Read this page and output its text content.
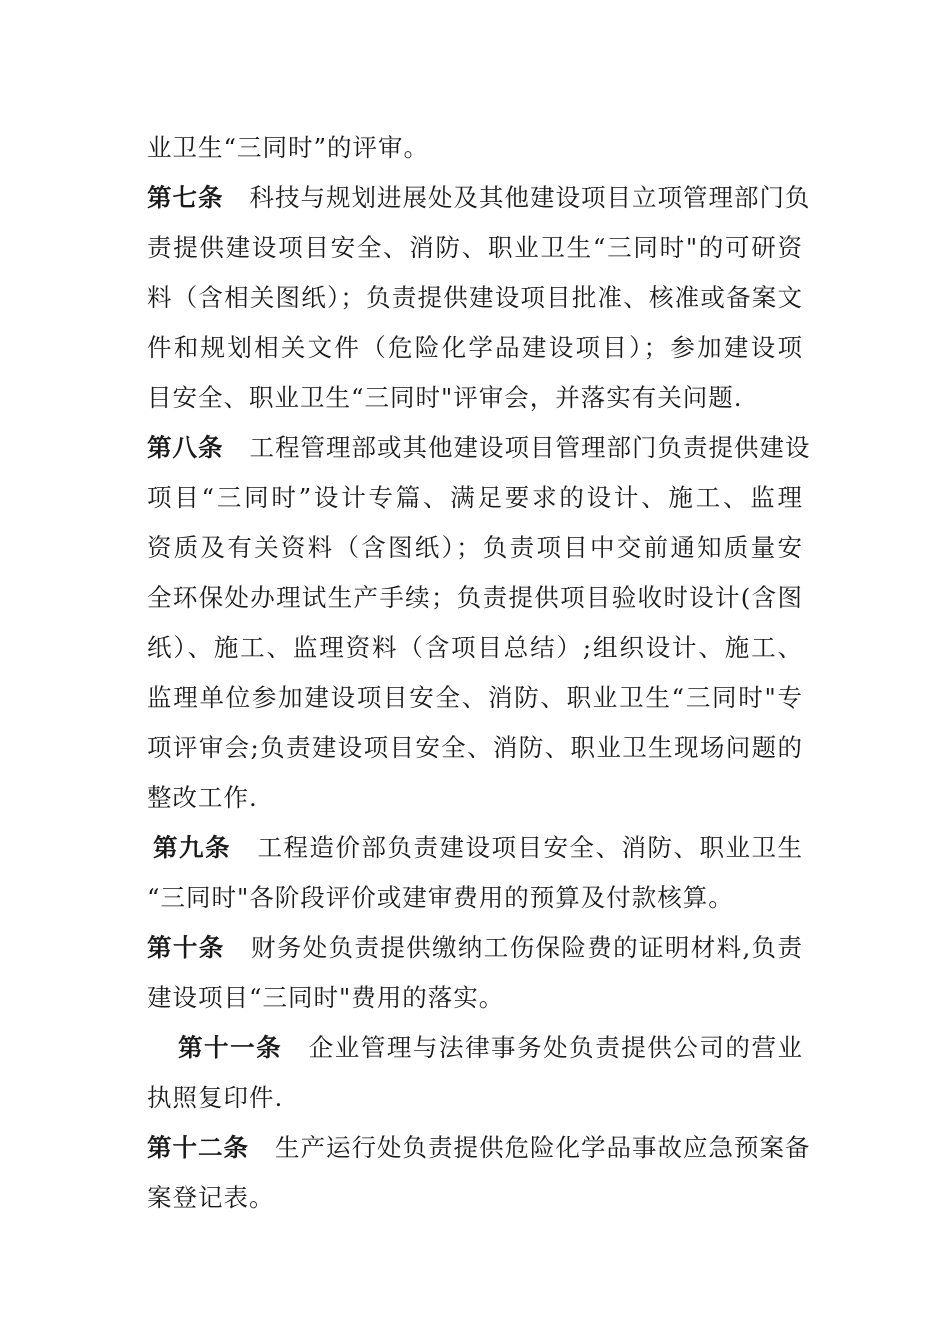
业卫生“三同时”的评审。
第七条 科技与规划进展处及其他建设项目立项管理部门负
责提供建设项目安全、消防、职业卫生“三同时"的可研资
料（含相关图纸）；负责提供建设项目批准、核准或备案文
件和规划相关文件（危险化学品建设项目）；参加建设项
目安全、职业卫生“三同时"评审会，并落实有关问题.
第八条 工程管理部或其他建设项目管理部门负责提供建设
项目“三同时”设计专篇、满足要求的设计、施工、监理
资质及有关资料（含图纸）；负责项目中交前通知质量安
全环保处办理试生产手续；负责提供项目验收时设计(含图
纸）、施工、监理资料（含项目总结）;组织设计、施工、
监理单位参加建设项目安全、消防、职业卫生“三同时"专
项评审会;负责建设项目安全、消防、职业卫生现场问题的
整改工作.
第九条 工程造价部负责建设项目安全、消防、职业卫生
“三同时"各阶段评价或建审费用的预算及付款核算。
第十条 财务处负责提供缴纳工伤保险费的证明材料,负责
建设项目“三同时"费用的落实。
第十一条 企业管理与法律事务处负责提供公司的营业
执照复印件.
第十二条 生产运行处负责提供危险化学品事故应急预案备
案登记表。
